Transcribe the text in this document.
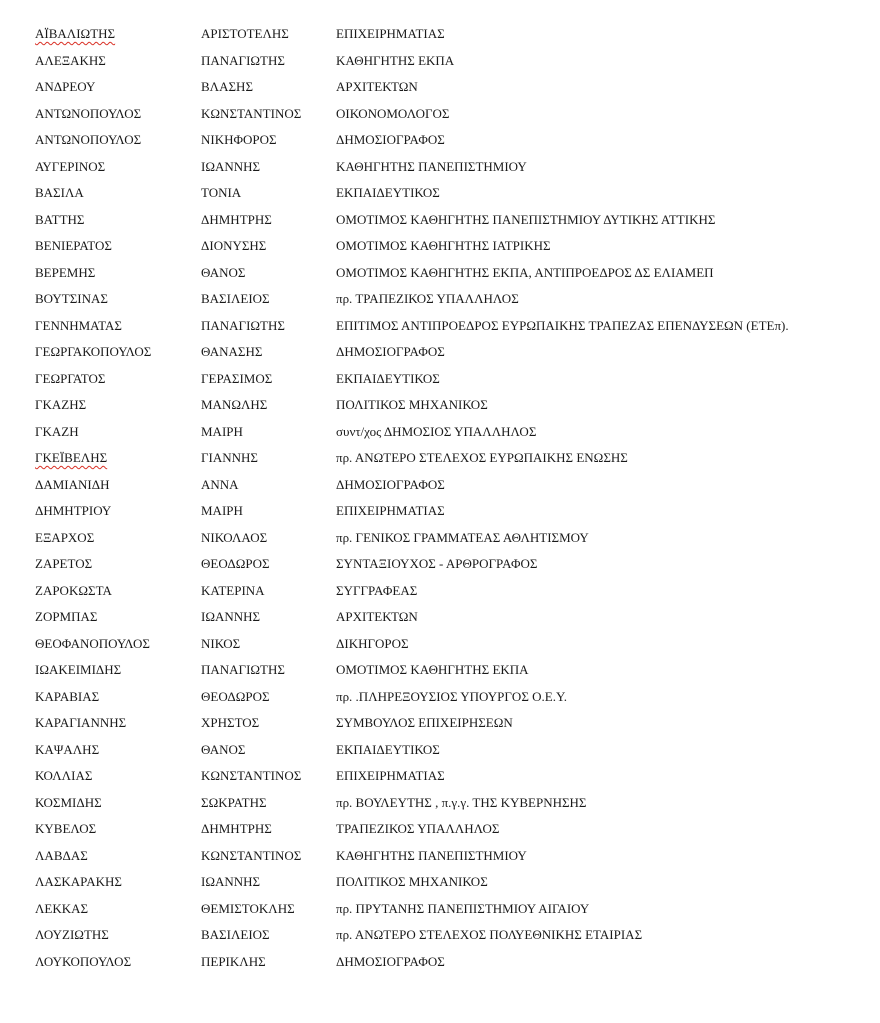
ΑΪΒΑΛΙΩΤΗΣ	ΑΡΙΣΤΟΤΕΛΗΣ	ΕΠΙΧΕΙΡΗΜΑΤΙΑΣ
ΑΛΕΞΑΚΗΣ	ΠΑΝΑΓΙΩΤΗΣ	ΚΑΘΗΓΗΤΗΣ ΕΚΠΑ
ΑΝΔΡΕΟΥ	ΒΛΑΣΗΣ	ΑΡΧΙΤΕΚΤΩΝ
ΑΝΤΩΝΟΠΟΥΛΟΣ	ΚΩΝΣΤΑΝΤΙΝΟΣ	ΟΙΚΟΝΟΜΟΛΟΓΟΣ
ΑΝΤΩΝΟΠΟΥΛΟΣ	ΝΙΚΗΦΟΡΟΣ	ΔΗΜΟΣΙΟΓΡΑΦΟΣ
ΑΥΓΕΡΙΝΟΣ	ΙΩΑΝΝΗΣ	ΚΑΘΗΓΗΤΗΣ ΠΑΝΕΠΙΣΤΗΜΙΟΥ
ΒΑΣΙΛΑ	ΤΟΝΙΑ	ΕΚΠΑΙΔΕΥΤΙΚΟΣ
ΒΑΤΤΗΣ	ΔΗΜΗΤΡΗΣ	ΟΜΟΤΙΜΟΣ ΚΑΘΗΓΗΤΗΣ ΠΑΝΕΠΙΣΤΗΜΙΟΥ ΔΥΤΙΚΗΣ ΑΤΤΙΚΗΣ
ΒΕΝΙΕΡΑΤΟΣ	ΔΙΟΝΥΣΗΣ	ΟΜΟΤΙΜΟΣ ΚΑΘΗΓΗΤΗΣ ΙΑΤΡΙΚΗΣ
ΒΕΡΕΜΗΣ	ΘΑΝΟΣ	ΟΜΟΤΙΜΟΣ ΚΑΘΗΓΗΤΗΣ ΕΚΠΑ, ΑΝΤΙΠΡΟΕΔΡΟΣ ΔΣ ΕΛΙΑΜΕΠ
ΒΟΥΤΣΙΝΑΣ	ΒΑΣΙΛΕΙΟΣ	πρ. ΤΡΑΠΕΖΙΚΟΣ ΥΠΑΛΛΗΛΟΣ
ΓΕΝΝΗΜΑΤΑΣ	ΠΑΝΑΓΙΩΤΗΣ	ΕΠΙΤΙΜΟΣ ΑΝΤΙΠΡΟΕΔΡΟΣ ΕΥΡΩΠΑΙΚΗΣ ΤΡΑΠΕΖΑΣ ΕΠΕΝΔΥΣΕΩΝ (ΕΤΕπ).
ΓΕΩΡΓΑΚΟΠΟΥΛΟΣ	ΘΑΝΑΣΗΣ	ΔΗΜΟΣΙΟΓΡΑΦΟΣ
ΓΕΩΡΓΑΤΟΣ	ΓΕΡΑΣΙΜΟΣ	ΕΚΠΑΙΔΕΥΤΙΚΟΣ
ΓΚΑΖΗΣ	ΜΑΝΩΛΗΣ	ΠΟΛΙΤΙΚΟΣ ΜΗΧΑΝΙΚΟΣ
ΓΚΑΖΗ	ΜΑΙΡΗ	συντ/χος ΔΗΜΟΣΙΟΣ ΥΠΑΛΛΗΛΟΣ
ΓΚΕΪΒΕΛΗΣ	ΓΙΑΝΝΗΣ	πρ. ΑΝΩΤΕΡΟ ΣΤΕΛΕΧΟΣ ΕΥΡΩΠΑΙΚΗΣ ΕΝΩΣΗΣ
ΔΑΜΙΑΝΙΔΗ	ΑΝΝΑ	ΔΗΜΟΣΙΟΓΡΑΦΟΣ
ΔΗΜΗΤΡΙΟΥ	ΜΑΙΡΗ	ΕΠΙΧΕΙΡΗΜΑΤΙΑΣ
ΕΞΑΡΧΟΣ	ΝΙΚΟΛΑΟΣ	πρ. ΓΕΝΙΚΟΣ ΓΡΑΜΜΑΤΕΑΣ ΑΘΛΗΤΙΣΜΟΥ
ΖΑΡΕΤΟΣ	ΘΕΟΔΩΡΟΣ	ΣΥΝΤΑΞΙΟΥΧΟΣ - ΑΡΘΡΟΓΡΑΦΟΣ
ΖΑΡΟΚΩΣΤΑ	ΚΑΤΕΡΙΝΑ	ΣΥΓΓΡΑΦΕΑΣ
ΖΟΡΜΠΑΣ	ΙΩΑΝΝΗΣ	ΑΡΧΙΤΕΚΤΩΝ
ΘΕΟΦΑΝΟΠΟΥΛΟΣ	ΝΙΚΟΣ	ΔΙΚΗΓΟΡΟΣ
ΙΩΑΚΕΙΜΙΔΗΣ	ΠΑΝΑΓΙΩΤΗΣ	ΟΜΟΤΙΜΟΣ ΚΑΘΗΓΗΤΗΣ ΕΚΠΑ
ΚΑΡΑΒΙΑΣ	ΘΕΟΔΩΡΟΣ	πρ. .ΠΛΗΡΕΞΟΥΣΙΟΣ ΥΠΟΥΡΓΟΣ Ο.Ε.Υ.
ΚΑΡΑΓΙΑΝΝΗΣ	ΧΡΗΣΤΟΣ	ΣΥΜΒΟΥΛΟΣ ΕΠΙΧΕΙΡΗΣΕΩΝ
ΚΑΨΑΛΗΣ	ΘΑΝΟΣ	ΕΚΠΑΙΔΕΥΤΙΚΟΣ
ΚΟΛΛΙΑΣ	ΚΩΝΣΤΑΝΤΙΝΟΣ	ΕΠΙΧΕΙΡΗΜΑΤΙΑΣ
ΚΟΣΜΙΔΗΣ	ΣΩΚΡΑΤΗΣ	πρ. ΒΟΥΛΕΥΤΗΣ , π.γ.γ. ΤΗΣ ΚΥΒΕΡΝΗΣΗΣ
ΚΥΒΕΛΟΣ	ΔΗΜΗΤΡΗΣ	ΤΡΑΠΕΖΙΚΟΣ ΥΠΑΛΛΗΛΟΣ
ΛΑΒΔΑΣ	ΚΩΝΣΤΑΝΤΙΝΟΣ	ΚΑΘΗΓΗΤΗΣ ΠΑΝΕΠΙΣΤΗΜΙΟΥ
ΛΑΣΚΑΡΑΚΗΣ	ΙΩΑΝΝΗΣ	ΠΟΛΙΤΙΚΟΣ ΜΗΧΑΝΙΚΟΣ
ΛΕΚΚΑΣ	ΘΕΜΙΣΤΟΚΛΗΣ	πρ. ΠΡΥΤΑΝΗΣ ΠΑΝΕΠΙΣΤΗΜΙΟΥ ΑΙΓΑΙΟΥ
ΛΟΥΖΙΩΤΗΣ	ΒΑΣΙΛΕΙΟΣ	πρ. ΑΝΩΤΕΡΟ ΣΤΕΛΕΧΟΣ ΠΟΛΥΕΘΝΙΚΗΣ ΕΤΑΙΡΙΑΣ
ΛΟΥΚΟΠΟΥΛΟΣ	ΠΕΡΙΚΛΗΣ	ΔΗΜΟΣΙΟΓΡΑΦΟΣ
